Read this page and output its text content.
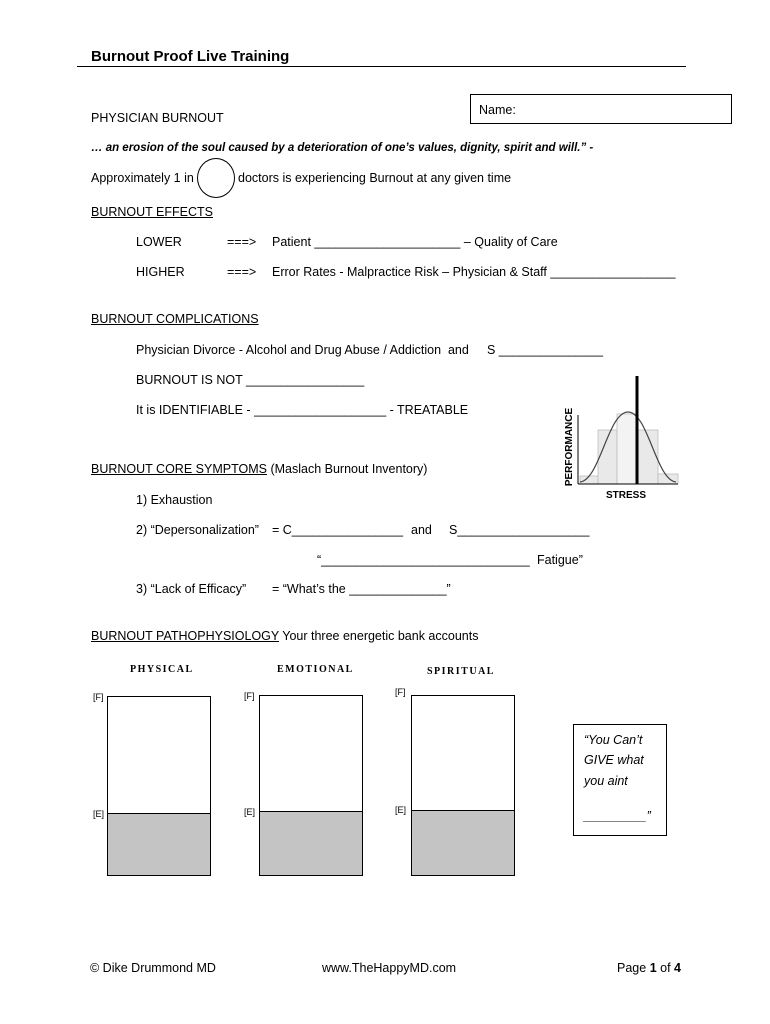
Burnout Proof Live Training
Name:
PHYSICIAN BURNOUT
… an erosion of the soul caused by a deterioration of one’s values, dignity, spirit and will.” -
Approximately 1 in	doctors is experiencing Burnout at any given time
BURNOUT EFFECTS
LOWER	===> Patient _____________________ – Quality of Care
HIGHER	===> Error Rates - Malpractice Risk – Physician & Staff __________________
BURNOUT COMPLICATIONS
Physician Divorce - Alcohol and Drug Abuse / Addiction  and S _______________
BURNOUT IS NOT _________________
It is IDENTIFIABLE - ___________________ - TREATABLE	PERFORMANCE
STRESS
BURNOUT CORE SYMPTOMS (Maslach Burnout Inventory)
1) Exhaustion
2) “Depersonalization” = C________________ and S___________________
“______________________________ Fatigue”
3) “Lack of Efficacy” = “What’s the ______________”
BURNOUT PATHOPHYSIOLOGY Your three energetic bank accounts
PHYSICAL	EMOTIONAL	SPIRITUAL
[F]
[E]
[F]
[E]
[F]
[E]
“You Can’t
GIVE what
you aint
_________”
© Dike Drummond MD	www.TheHappyMD.com	Page 1 of 4
